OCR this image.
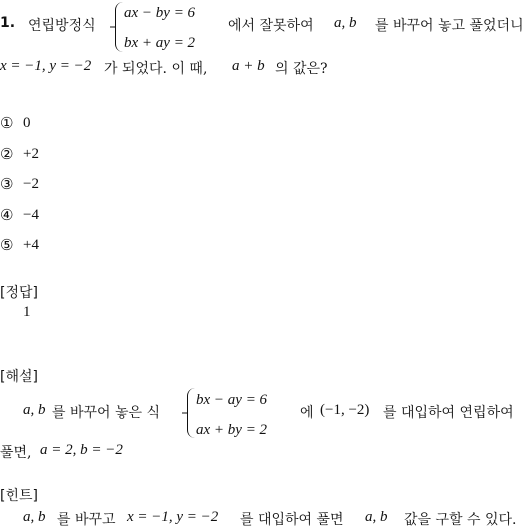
1. 연립방정식
ax − by = 6
bx + ay = 2
에서 잘못하여 a, b 를 바꾸어 놓고 풀었더니
x = −1, y = −2 가 되었다. 이 때, a + b 의 값은?
① 0
② +2
③ −2
④ −4
⑤ +4
[정답]
1
[해설]
a, b 를 바꾸어 놓은 식
bx − ay = 6
ax + by = 2
에 (−1, −2) 를 대입하여 연립하여
풀면, a = 2, b = −2
[힌트]
a, b 를 바꾸고 x = −1, y = −2 를 대입하여 풀면 a, b 값을 구할 수 있다.
